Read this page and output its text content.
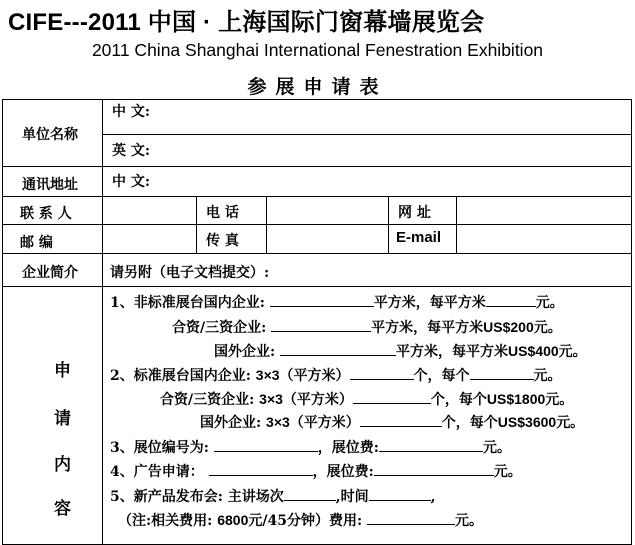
CIFE---2011 中国 · 上海国际门窗幕墙展览会
2011 China Shanghai International Fenestration Exhibition
参展申请表
单位名称
中 文:
英 文:
通讯地址 中 文:
联 系 人	电 话	网 址
邮 编	传 真	E-mail
企业简介 请另附（电子文档提交）:
申
请
内
容
1、非标准展台国内企业:	平方米，每平方米	元。
合资/三资企业:	平方米，每平方米US$200元。
国外企业:	平方米，每平方米US$400元。
2、标准展台国内企业: 3×3（平方米）	个，每个	元。
合资/三资企业: 3×3（平方米）	个，每个US$1800元。
国外企业: 3×3（平方米）	个，每个US$3600元。
3、展位编号为:	，展位费:	元。
4、广告申请：	，展位费:	元。
5、新产品发布会: 主讲场次	,时间	,
（注:相关费用: 6800元/45分钟）费用:	元。
